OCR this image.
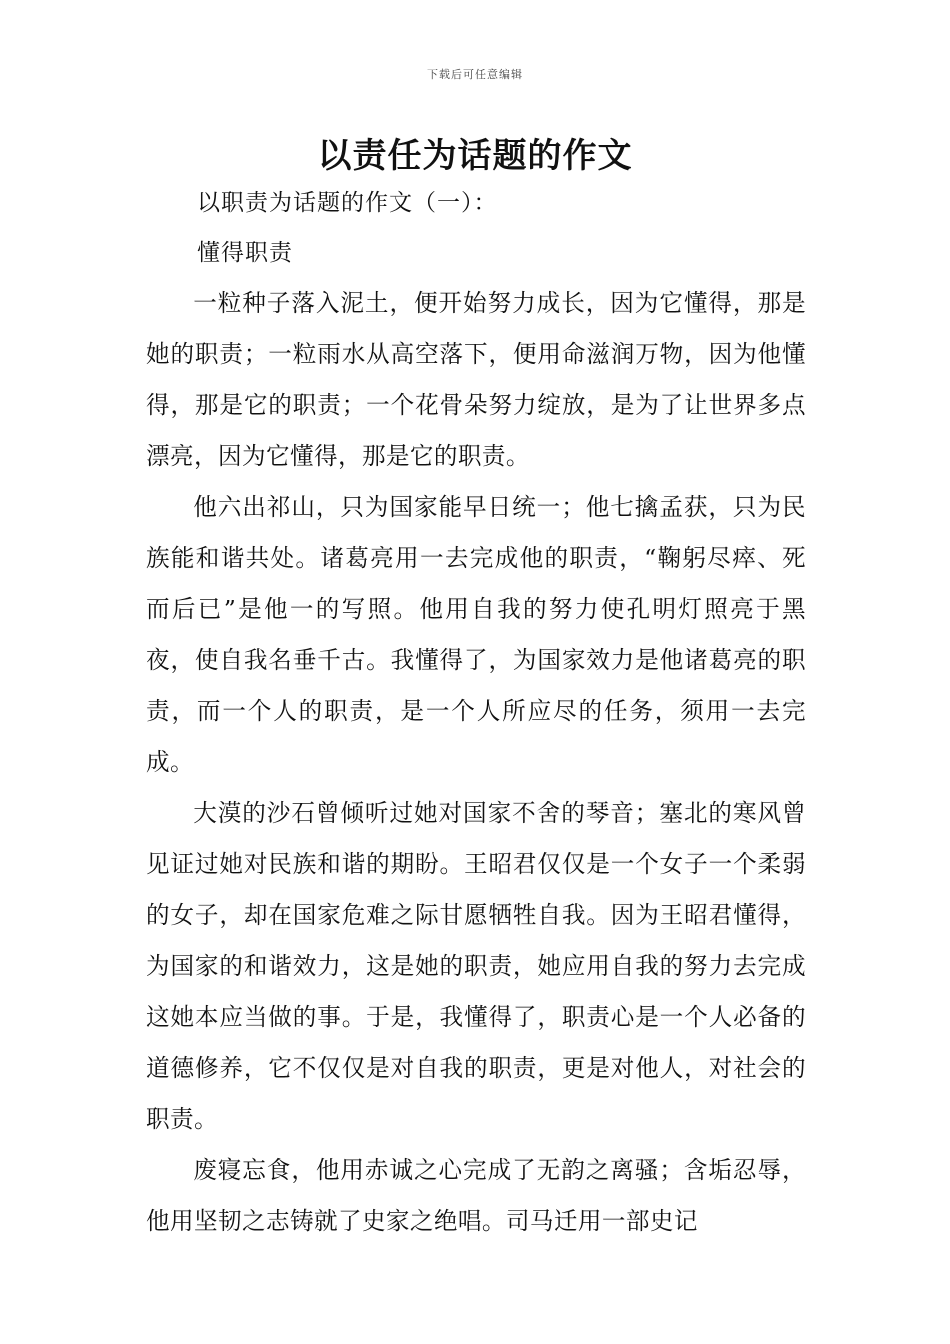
下载后可任意编辑
以责任为话题的作文

以职责为话题的作文（一）：

懂得职责

一粒种子落入泥土，便开始努力成长，因为它懂得，那是她的职责；一粒雨水从高空落下，便用命滋润万物，因为他懂得，那是它的职责；一个花骨朵努力绽放，是为了让世界多点漂亮，因为它懂得，那是它的职责。

他六出祁山，只为国家能早日统一；他七擒孟获，只为民族能和谐共处。诸葛亮用一去完成他的职责，“鞠躬尽瘁、死而后已”是他一的写照。他用自我的努力使孔明灯照亮于黑夜，使自我名垂千古。我懂得了，为国家效力是他诸葛亮的职责，而一个人的职责，是一个人所应尽的任务，须用一去完成。

大漠的沙石曾倾听过她对国家不舍的琴音；塞北的寒风曾见证过她对民族和谐的期盼。王昭君仅仅是一个女子一个柔弱的女子，却在国家危难之际甘愿牺牲自我。因为王昭君懂得，为国家的和谐效力，这是她的职责，她应用自我的努力去完成这她本应当做的事。于是，我懂得了，职责心是一个人必备的道德修养，它不仅仅是对自我的职责，更是对他人，对社会的职责。

废寝忘食，他用赤诚之心完成了无韵之离骚；含垢忍辱，他用坚韧之志铸就了史家之绝唱。司马迁用一部史记
